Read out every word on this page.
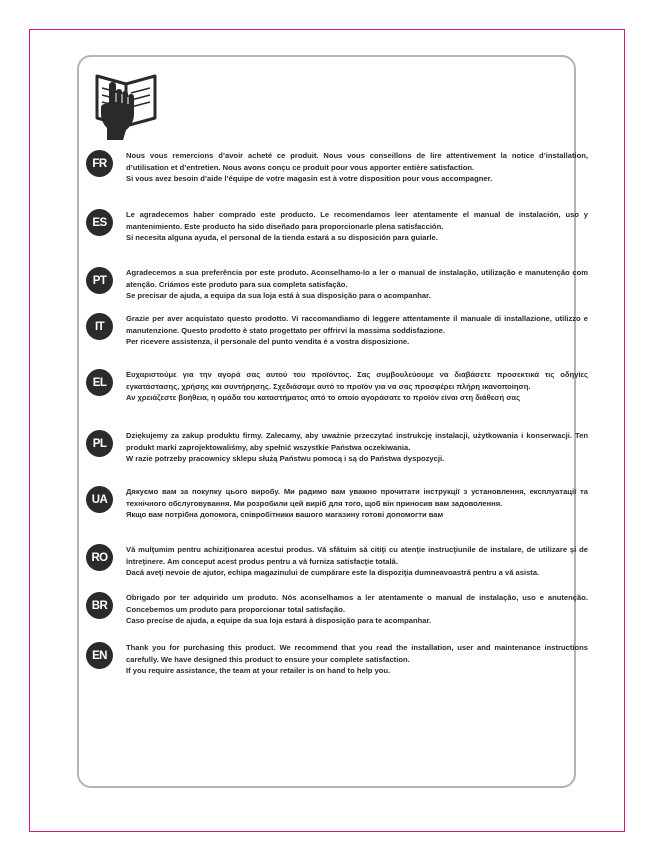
FR
Nous vous remercions d’avoir acheté ce produit. Nous vous conseillons de lire attentivement la notice d’installation, d’utilisation et d’entretien. Nous avons conçu ce produit pour vous apporter entière satisfaction.
Si vous avez besoin d’aide l’équipe de votre magasin est à votre disposition pour vous accompagner.
ES
Le agradecemos haber comprado este producto. Le recomendamos leer atentamente el manual de instalación, uso y mantenimiento. Este producto ha sido diseñado para proporcionarle plena satisfacción.
Si necesita alguna ayuda, el personal de la tienda estará a su disposición para guiarle.
PT
Agradecemos a sua preferência por este produto. Aconselhamo-lo a ler o manual de instalação, utilização e manutenção com atenção. Criámos este produto para sua completa satisfação.
Se precisar de ajuda, a equipa da sua loja está à sua disposição para o acompanhar.
IT
Grazie per aver acquistato questo prodotto. Vi raccomandiamo di leggere attentamente il manuale di installazione, utilizzo e manutenzione. Questo prodotto è stato progettato per offrirvi la massima soddisfazione.
Per ricevere assistenza, il personale del punto vendita è a vostra disposizione.
EL
Ευχαριστούμε για την αγορά σας αυτού του προϊόντος. Σας συμβουλεύουμε να διαβάσετε προσεκτικά τις οδηγίες εγκατάστασης, χρήσης και συντήρησης. Σχεδιάσαμε αυτό το προϊόν για να σας προσφέρει πλήρη ικανοποίηση.
Αν χρειάζεστε βοήθεια, η ομάδα του καταστήματος από το οποίο αγοράσατε το προϊόν είναι στη διάθεσή σας
PL
Dziękujemy za zakup produktu firmy. Zalecamy, aby uważnie przeczytać instrukcję instalacji, użytkowania i konserwacji. Ten produkt marki zaprojektowaliśmy, aby spełnić wszystkie Państwa oczekiwania.
W razie potrzeby pracownicy sklepu służą Państwu pomocą i są do Państwa dyspozycji.
UA
Дякуємо вам за покупку цього виробу. Ми радимо вам уважно прочитати інструкції з установлення, експлуатації та технічного обслуговування. Ми розробили цей виріб для того, щоб він приносив вам задоволення.
Якщо вам потрібна допомога, співробітники вашого магазину готові допомогти вам
RO
Vă mulţumim pentru achiziţionarea acestui produs. Vă sfătuim să citiţi cu atenţie instrucţiunile de instalare, de utilizare şi de întreţinere. Am conceput acest produs pentru a vă furniza satisfacţie totală.
Dacă aveţi nevoie de ajutor, echipa magazinului de cumpărare este la dispoziţia dumneavoastră pentru a vă asista.
BR
Obrigado por ter adquirido um produto. Nós aconselhamos a ler atentamente o manual de instalação, uso e anutenção. Concebemos um produto para proporcionar total satisfação.
Caso precise de ajuda, a equipe da sua loja estará à disposição para te acompanhar.
EN
Thank you for purchasing this product. We recommend that you read the installation, user and maintenance instructions carefully. We have designed this product to ensure your complete satisfaction.
If you require assistance, the team at your retailer is on hand to help you.
